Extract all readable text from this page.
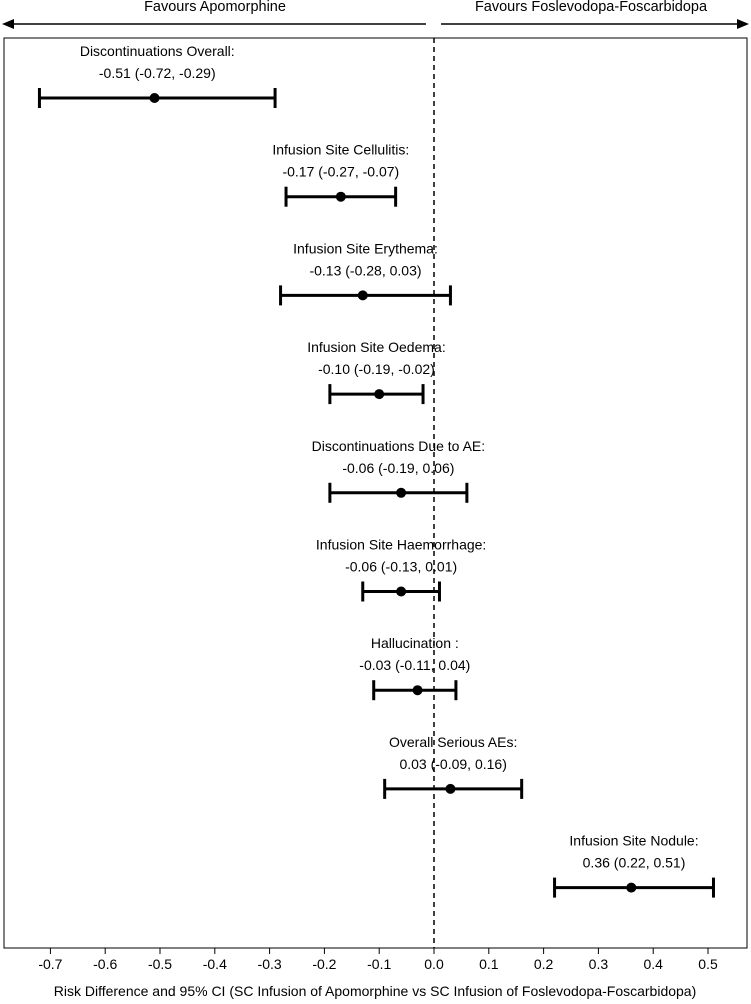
Favours Apomorphine	Favours Foslevodopa-Foscarbidopa
Discontinuations Overall:
-0.51 (-0.72, -0.29)
Infusion Site Cellulitis:
-0.17 (-0.27, -0.07)
Infusion Site Erythema:
-0.13 (-0.28, 0.03)
Infusion Site Oedema:
-0.10 (-0.19, -0.02)
Discontinuations Due to AE:
-0.06 (-0.19, 0.06)
Infusion Site Haemorrhage:
-0.06 (-0.13, 0.01)
Hallucination :
-0.03 (-0.11, 0.04)
Overall Serious AEs:
0.03 (-0.09, 0.16)
Infusion Site Nodule:
0.36 (0.22, 0.51)
-0.7 -0.6 -0.5 -0.4 -0.3 -0.2 -0.1 0.0	0.1	0.2	0.3	0.4	0.5
Risk Difference and 95% CI (SC Infusion of Apomorphine vs SC Infusion of Foslevodopa-Foscarbidopa)
